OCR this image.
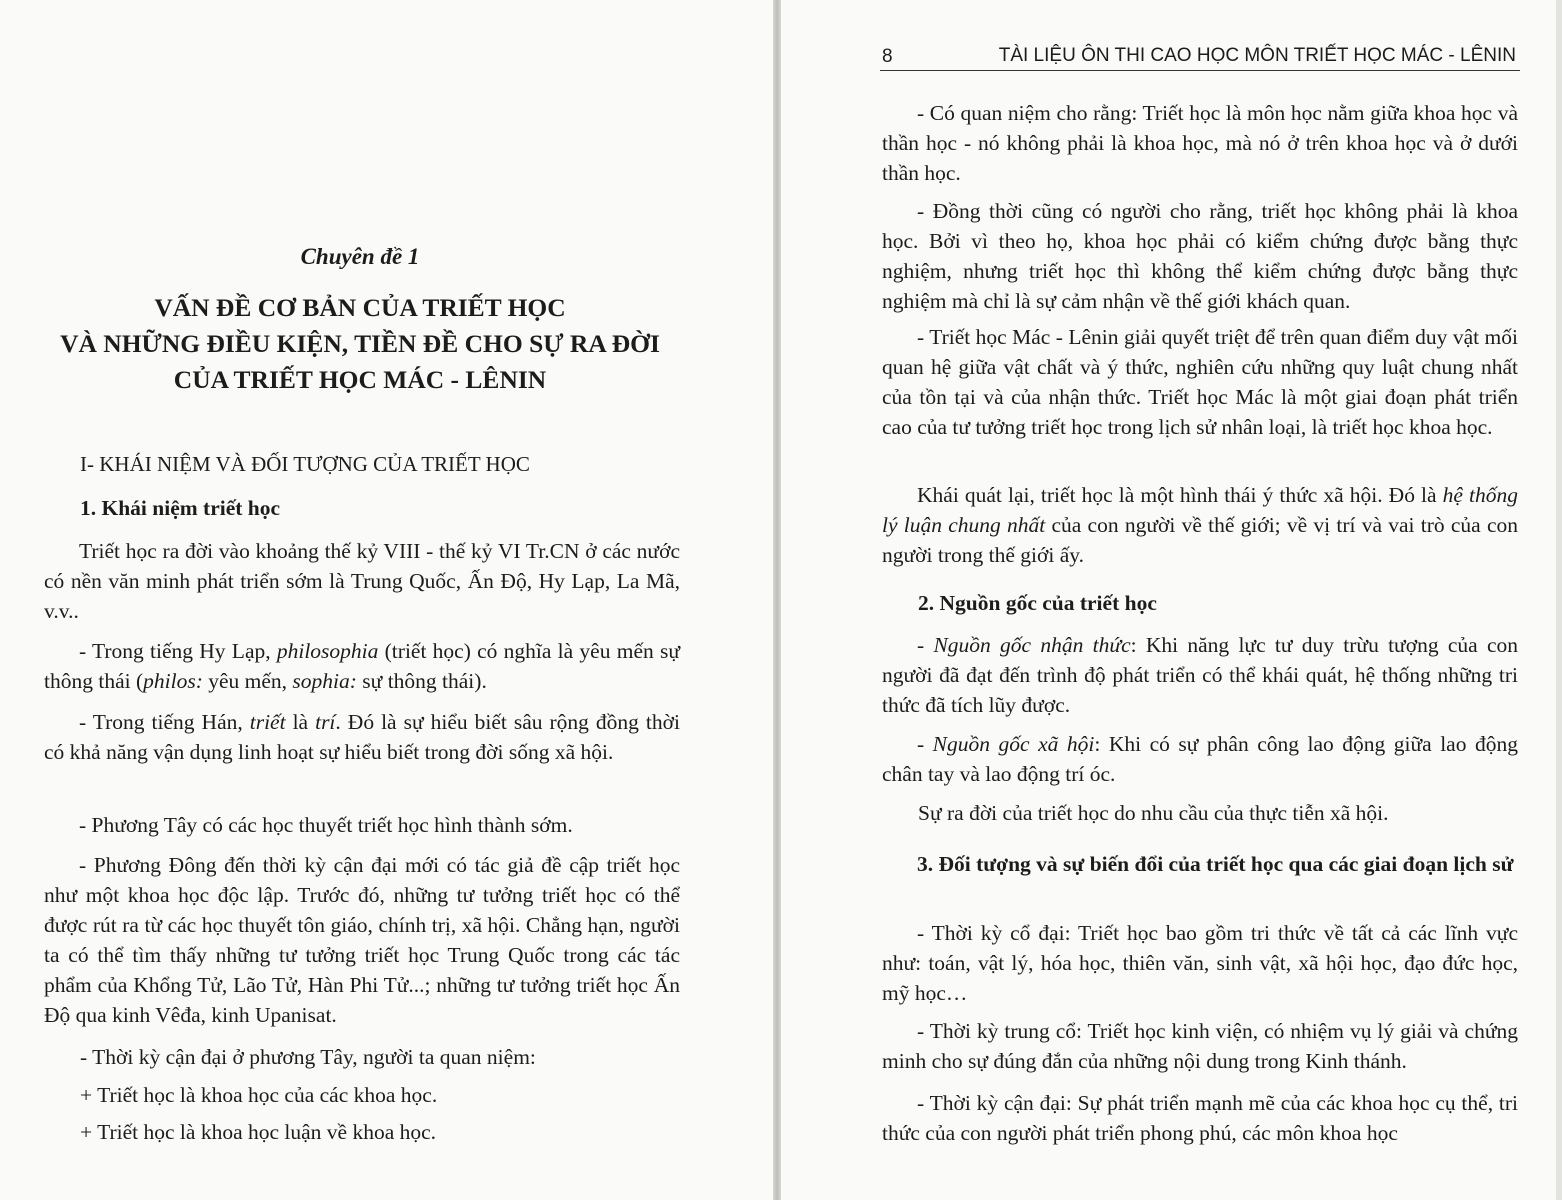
Chuyên đề 1
VẤN ĐỀ CƠ BẢN CỦA TRIẾT HỌC
VÀ NHỮNG ĐIỀU KIỆN, TIỀN ĐỀ CHO SỰ RA ĐỜI
CỦA TRIẾT HỌC MÁC - LÊNIN
I- KHÁI NIỆM VÀ ĐỐI TƯỢNG CỦA TRIẾT HỌC
1. Khái niệm triết học

Triết học ra đời vào khoảng thế kỷ VIII - thế kỷ VI Tr.CN ở các nước có nền văn minh phát triển sớm là Trung Quốc, Ấn Độ, Hy Lạp, La Mã, v.v..

- Trong tiếng Hy Lạp, philosophia (triết học) có nghĩa là yêu mến sự thông thái (philos: yêu mến, sophia: sự thông thái).

- Trong tiếng Hán, triết là trí. Đó là sự hiểu biết sâu rộng đồng thời có khả năng vận dụng linh hoạt sự hiểu biết trong đời sống xã hội.

- Phương Tây có các học thuyết triết học hình thành sớm.

- Phương Đông đến thời kỳ cận đại mới có tác giả đề cập triết học như một khoa học độc lập. Trước đó, những tư tưởng triết học có thể được rút ra từ các học thuyết tôn giáo, chính trị, xã hội. Chẳng hạn, người ta có thể tìm thấy những tư tưởng triết học Trung Quốc trong các tác phẩm của Khổng Tử, Lão Tử, Hàn Phi Tử...; những tư tưởng triết học Ấn Độ qua kinh Vêđa, kinh Upanisat.

- Thời kỳ cận đại ở phương Tây, người ta quan niệm:

+ Triết học là khoa học của các khoa học.

+ Triết học là khoa học luận về khoa học.

8	TÀI LIỆU ÔN THI CAO HỌC MÔN TRIẾT HỌC MÁC - LÊNIN

- Có quan niệm cho rằng: Triết học là môn học nằm giữa khoa học và thần học - nó không phải là khoa học, mà nó ở trên khoa học và ở dưới thần học.

- Đồng thời cũng có người cho rằng, triết học không phải là khoa học. Bởi vì theo họ, khoa học phải có kiểm chứng được bằng thực nghiệm, nhưng triết học thì không thể kiểm chứng được bằng thực nghiệm mà chỉ là sự cảm nhận về thế giới khách quan.

- Triết học Mác - Lênin giải quyết triệt để trên quan điểm duy vật mối quan hệ giữa vật chất và ý thức, nghiên cứu những quy luật chung nhất của tồn tại và của nhận thức. Triết học Mác là một giai đoạn phát triển cao của tư tưởng triết học trong lịch sử nhân loại, là triết học khoa học.

Khái quát lại, triết học là một hình thái ý thức xã hội. Đó là hệ thống lý luận chung nhất của con người về thế giới; về vị trí và vai trò của con người trong thế giới ấy.

2. Nguồn gốc của triết học

- Nguồn gốc nhận thức: Khi năng lực tư duy trừu tượng của con người đã đạt đến trình độ phát triển có thể khái quát, hệ thống những tri thức đã tích lũy được.

- Nguồn gốc xã hội: Khi có sự phân công lao động giữa lao động chân tay và lao động trí óc.

Sự ra đời của triết học do nhu cầu của thực tiễn xã hội.

3. Đối tượng và sự biến đổi của triết học qua các giai đoạn lịch sử

- Thời kỳ cổ đại: Triết học bao gồm tri thức về tất cả các lĩnh vực như: toán, vật lý, hóa học, thiên văn, sinh vật, xã hội học, đạo đức học, mỹ học…

- Thời kỳ trung cổ: Triết học kinh viện, có nhiệm vụ lý giải và chứng minh cho sự đúng đắn của những nội dung trong Kinh thánh.

- Thời kỳ cận đại: Sự phát triển mạnh mẽ của các khoa học cụ thể, tri thức của con người phát triển phong phú, các môn khoa học
